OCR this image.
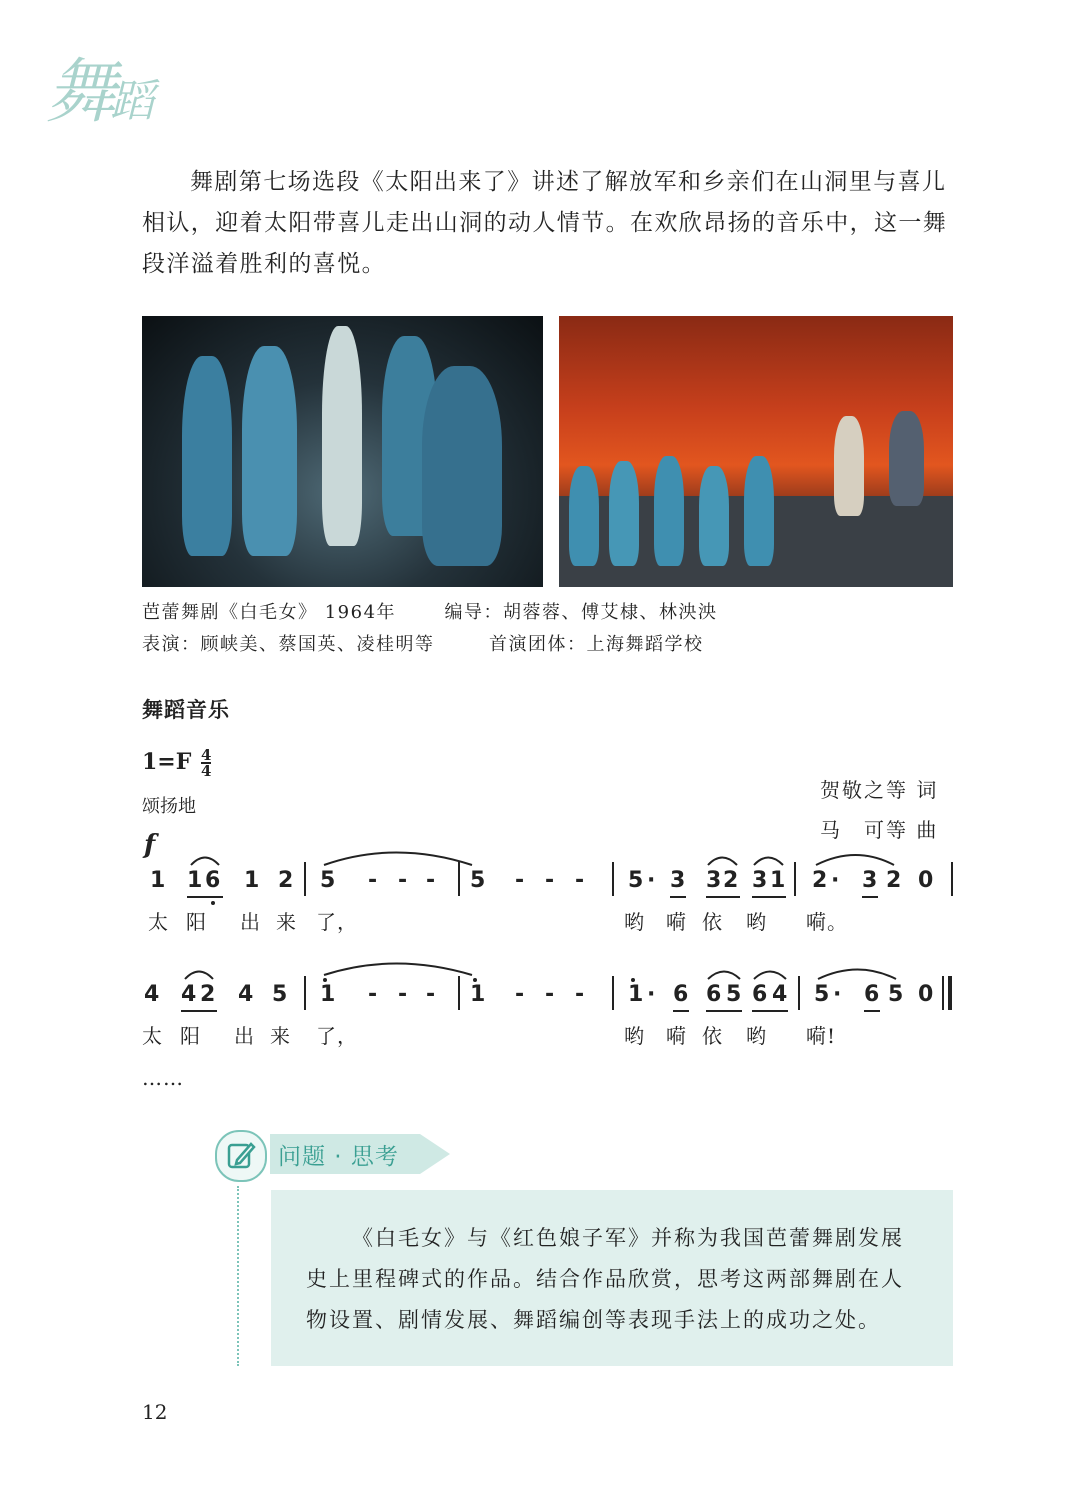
舞蹈
舞剧第七场选段《太阳出来了》讲述了解放军和乡亲们在山洞里与喜儿相认，迎着太阳带喜儿走出山洞的动人情节。在欢欣昂扬的音乐中，这一舞段洋溢着胜利的喜悦。
芭蕾舞剧《白毛女》 1964年	编导：胡蓉蓉、傅艾棣、林泱泱
表演：顾峡美、蔡国英、凌桂明等	首演团体：上海舞蹈学校
舞蹈音乐
$1=F \frac{4}{4}$
颂扬地
贺敬之等 词
马　可等 曲
f
1 1 6 1 2 5 - - - 5 - - - 5 · 3 3 2 3 1 2 · 3 2 0
太 阳 出 来 了，	哟 嗬 依 哟 嗬。
4 4 2 4 5 1 - - - 1 - - - 1 · 6 6 5 6 4 5 · 6 5 0
太 阳 出 来 了，	哟 嗬 依 哟 嗬!
……
问题 · 思考
《白毛女》与《红色娘子军》并称为我国芭蕾舞剧发展史上里程碑式的作品。结合作品欣赏，思考这两部舞剧在人物设置、剧情发展、舞蹈编创等表现手法上的成功之处。
12
